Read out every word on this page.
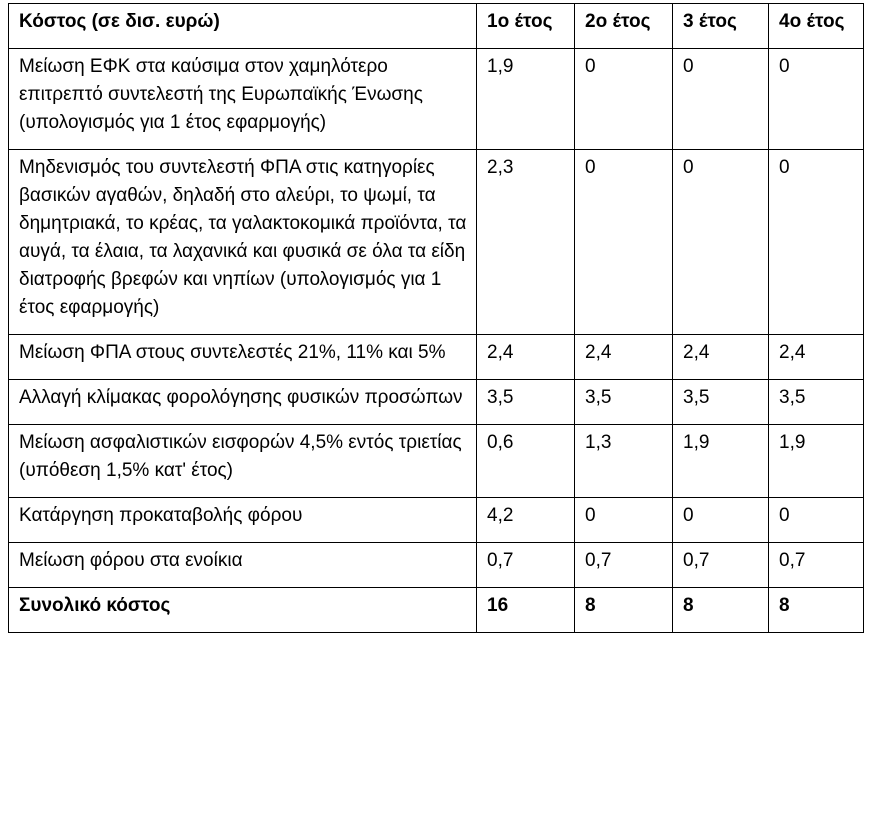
Κόστος (σε δισ. ευρώ)	1ο έτος	2ο έτος	3 έτος	4ο έτος
Μείωση ΕΦΚ στα καύσιμα στον χαμηλότερο επιτρεπτό συντελεστή της Ευρωπαϊκής Ένωσης (υπολογισμός για 1 έτος εφαρμογής)	1,9	0	0	0
Μηδενισμός του συντελεστή ΦΠΑ στις κατηγορίες βασικών αγαθών, δηλαδή στο αλεύρι, το ψωμί, τα δημητριακά, το κρέας, τα γαλακτοκομικά προϊόντα, τα αυγά, τα έλαια, τα λαχανικά και φυσικά σε όλα τα είδη διατροφής βρεφών και νηπίων (υπολογισμός για 1 έτος εφαρμογής)	2,3	0	0	0
Μείωση ΦΠΑ στους συντελεστές 21%, 11% και 5%	2,4	2,4	2,4	2,4
Αλλαγή κλίμακας φορολόγησης φυσικών προσώπων	3,5	3,5	3,5	3,5
Μείωση ασφαλιστικών εισφορών 4,5% εντός τριετίας (υπόθεση 1,5% κατ' έτος)	0,6	1,3	1,9	1,9
Κατάργηση προκαταβολής φόρου	4,2	0	0	0
Μείωση φόρου στα ενοίκια	0,7	0,7	0,7	0,7
Συνολικό κόστος	16	8	8	8
